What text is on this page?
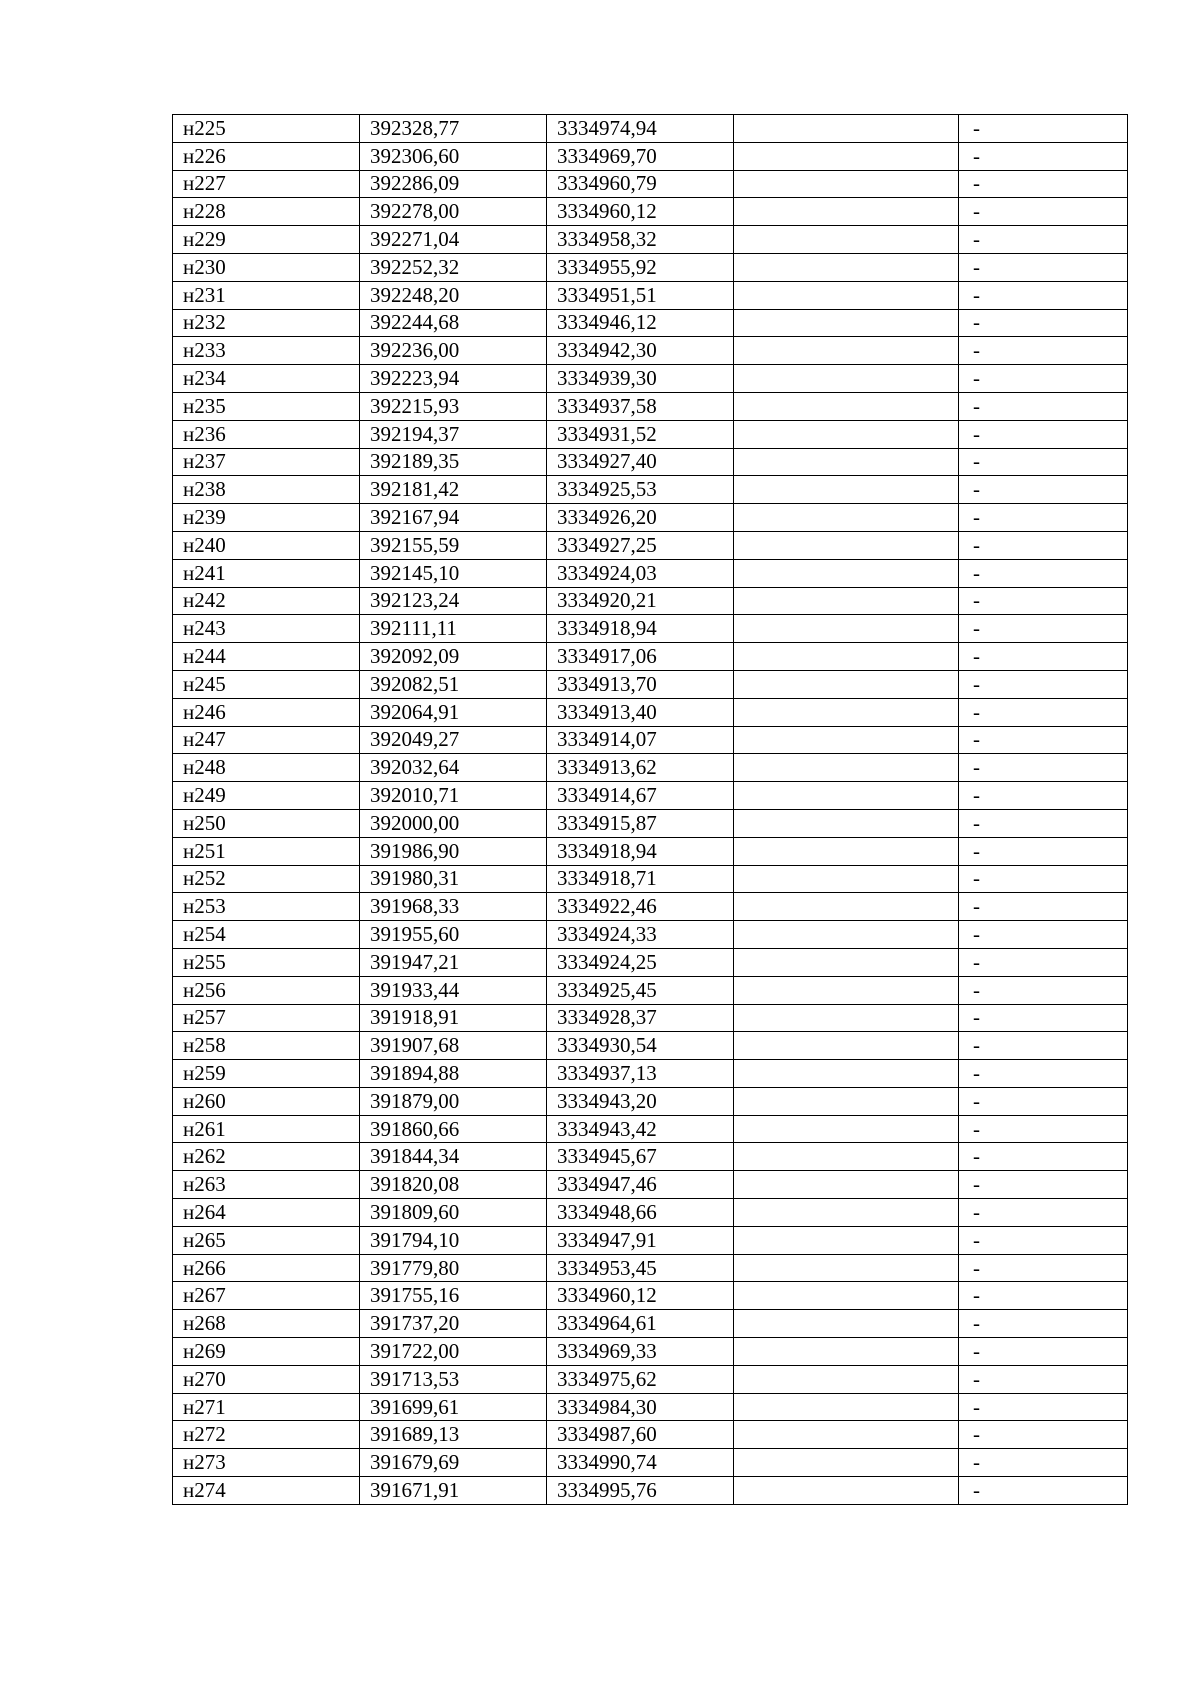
н225	392328,77	3334974,94		-
н226	392306,60	3334969,70		-
н227	392286,09	3334960,79		-
н228	392278,00	3334960,12		-
н229	392271,04	3334958,32		-
н230	392252,32	3334955,92		-
н231	392248,20	3334951,51		-
н232	392244,68	3334946,12		-
н233	392236,00	3334942,30		-
н234	392223,94	3334939,30		-
н235	392215,93	3334937,58		-
н236	392194,37	3334931,52		-
н237	392189,35	3334927,40		-
н238	392181,42	3334925,53		-
н239	392167,94	3334926,20		-
н240	392155,59	3334927,25		-
н241	392145,10	3334924,03		-
н242	392123,24	3334920,21		-
н243	392111,11	3334918,94		-
н244	392092,09	3334917,06		-
н245	392082,51	3334913,70		-
н246	392064,91	3334913,40		-
н247	392049,27	3334914,07		-
н248	392032,64	3334913,62		-
н249	392010,71	3334914,67		-
н250	392000,00	3334915,87		-
н251	391986,90	3334918,94		-
н252	391980,31	3334918,71		-
н253	391968,33	3334922,46		-
н254	391955,60	3334924,33		-
н255	391947,21	3334924,25		-
н256	391933,44	3334925,45		-
н257	391918,91	3334928,37		-
н258	391907,68	3334930,54		-
н259	391894,88	3334937,13		-
н260	391879,00	3334943,20		-
н261	391860,66	3334943,42		-
н262	391844,34	3334945,67		-
н263	391820,08	3334947,46		-
н264	391809,60	3334948,66		-
н265	391794,10	3334947,91		-
н266	391779,80	3334953,45		-
н267	391755,16	3334960,12		-
н268	391737,20	3334964,61		-
н269	391722,00	3334969,33		-
н270	391713,53	3334975,62		-
н271	391699,61	3334984,30		-
н272	391689,13	3334987,60		-
н273	391679,69	3334990,74		-
н274	391671,91	3334995,76		-
